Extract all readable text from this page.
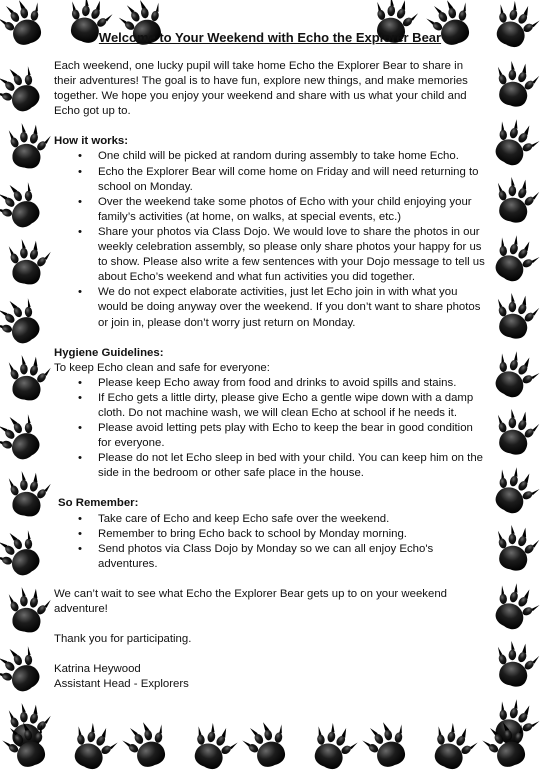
Welcome to Your Weekend with Echo the Explorer Bear

Each weekend, one lucky pupil will take home Echo the Explorer Bear to share in their adventures! The goal is to have fun, explore new things, and make memories together. We hope you enjoy your weekend and share with us what your child and Echo got up to.

How it works:
• One child will be picked at random during assembly to take home Echo.
• Echo the Explorer Bear will come home on Friday and will need returning to school on Monday.
• Over the weekend take some photos of Echo with your child enjoying your family’s activities (at home, on walks, at special events, etc.)
• Share your photos via Class Dojo. We would love to share the photos in our weekly celebration assembly, so please only share photos your happy for us to show. Please also write a few sentences with your Dojo message to tell us about Echo’s weekend and what fun activities you did together.
• We do not expect elaborate activities, just let Echo join in with what you would be doing anyway over the weekend. If you don’t want to share photos or join in, please don’t worry just return on Monday.
Hygiene Guidelines:

To keep Echo clean and safe for everyone:

• Please keep Echo away from food and drinks to avoid spills and stains.
• If Echo gets a little dirty, please give Echo a gentle wipe down with a damp cloth. Do not machine wash, we will clean Echo at school if he needs it.
• Please avoid letting pets play with Echo to keep the bear in good condition for everyone.
• Please do not let Echo sleep in bed with your child. You can keep him on the side in the bedroom or other safe place in the house.
So Remember:
• Take care of Echo and keep Echo safe over the weekend.
• Remember to bring Echo back to school by Monday morning.
• Send photos via Class Dojo by Monday so we can all enjoy Echo's adventures.

We can’t wait to see what Echo the Explorer Bear gets up to on your weekend adventure!

Thank you for participating.

Katrina Heywood

Assistant Head - Explorers
